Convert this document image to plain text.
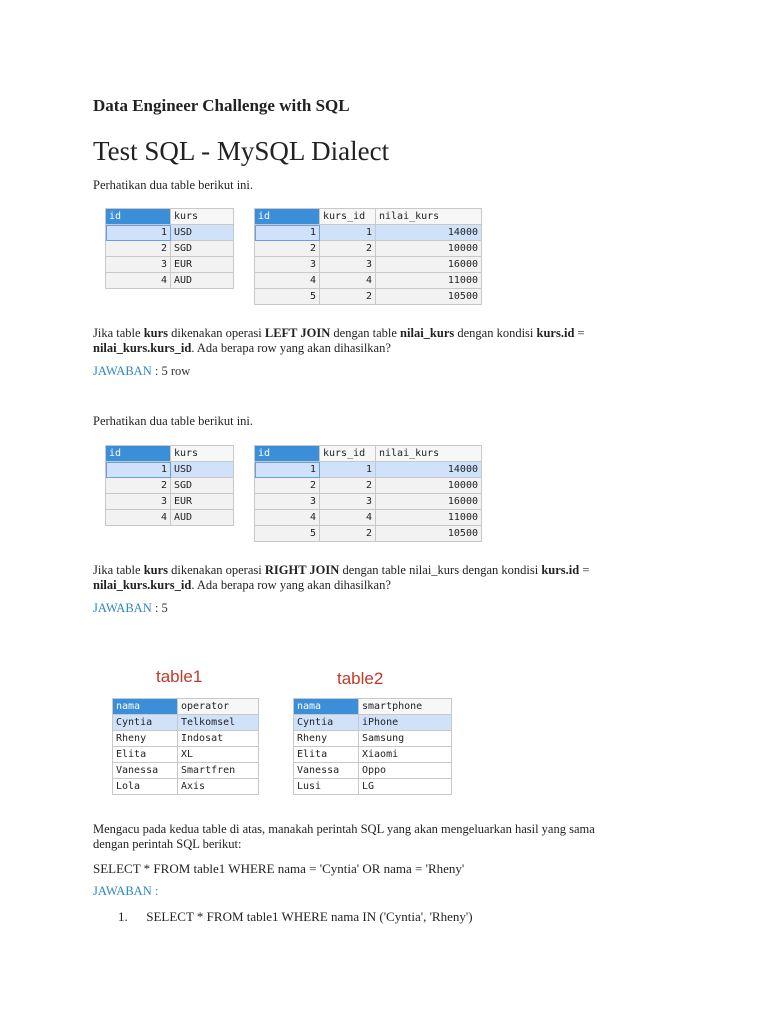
Data Engineer Challenge with SQL
Test SQL - MySQL Dialect
Perhatikan dua table berikut ini.
id	kurs
1	USD
2	SGD
3	EUR
4	AUD
id	kurs_id	nilai_kurs
1	1	14000
2	2	10000
3	3	16000
4	4	11000
5	2	10500
Jika table kurs dikenakan operasi LEFT JOIN dengan table nilai_kurs dengan kondisi kurs.id =
nilai_kurs.kurs_id. Ada berapa row yang akan dihasilkan?
JAWABAN : 5 row
Perhatikan dua table berikut ini.
id	kurs
1	USD
2	SGD
3	EUR
4	AUD
id	kurs_id	nilai_kurs
1	1	14000
2	2	10000
3	3	16000
4	4	11000
5	2	10500
Jika table kurs dikenakan operasi RIGHT JOIN dengan table nilai_kurs dengan kondisi kurs.id =
nilai_kurs.kurs_id. Ada berapa row yang akan dihasilkan?
JAWABAN : 5
table1	table2
nama	operator
Cyntia	Telkomsel
Rheny	Indosat
Elita	XL
Vanessa	Smartfren
Lola	Axis
nama	smartphone
Cyntia	iPhone
Rheny	Samsung
Elita	Xiaomi
Vanessa	Oppo
Lusi	LG
Mengacu pada kedua table di atas, manakah perintah SQL yang akan mengeluarkan hasil yang sama
dengan perintah SQL berikut:
SELECT * FROM table1 WHERE nama = 'Cyntia' OR nama = 'Rheny'
JAWABAN :
1. SELECT * FROM table1 WHERE nama IN ('Cyntia', 'Rheny')
